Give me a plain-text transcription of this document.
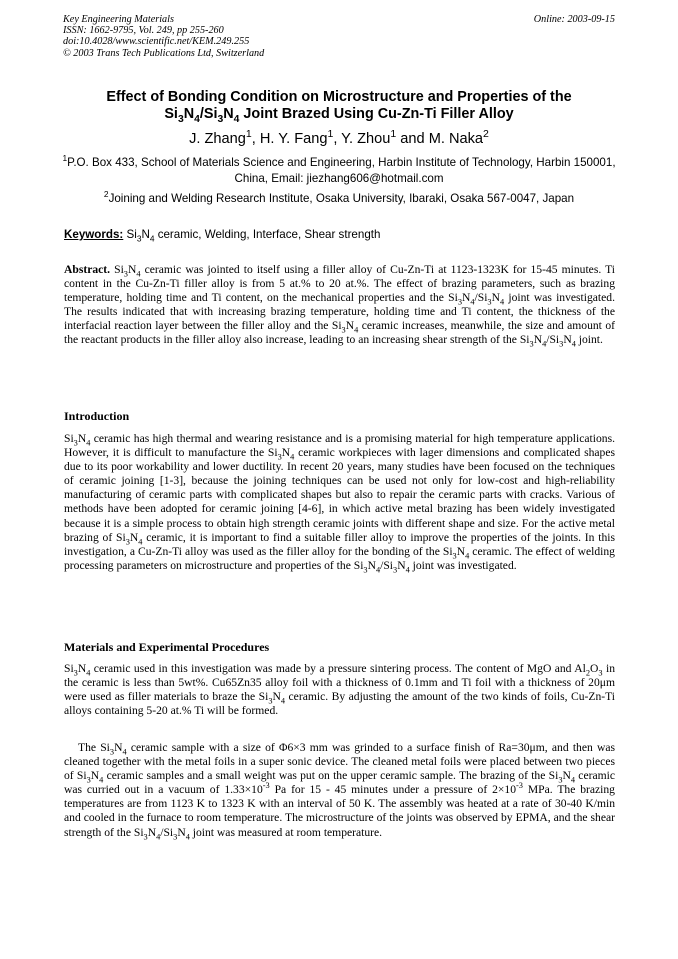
Key Engineering Materials
ISSN: 1662-9795, Vol. 249, pp 255-260
doi:10.4028/www.scientific.net/KEM.249.255
© 2003 Trans Tech Publications Ltd, Switzerland
Online: 2003-09-15
Effect of Bonding Condition on Microstructure and Properties of the
$Si_3N_4/Si_3N_4$ Joint Brazed Using Cu-Zn-Ti Filler Alloy
J. Zhang$^1$, H. Y. Fang$^1$, Y. Zhou$^1$ and M. Naka$^2$
$^1$P.O. Box 433, School of Materials Science and Engineering, Harbin Institute of Technology, Harbin 150001, China, Email: jiezhang606@hotmail.com
$^2$Joining and Welding Research Institute, Osaka University, Ibaraki, Osaka 567-0047, Japan
Keywords: $Si_3N_4$ ceramic, Welding, Interface, Shear strength
Abstract. $Si_3N_4$ ceramic was jointed to itself using a filler alloy of Cu-Zn-Ti at 1123-1323K for 15-45 minutes. Ti content in the Cu-Zn-Ti filler alloy is from 5 at.% to 20 at.%. The effect of brazing parameters, such as brazing temperature, holding time and Ti content, on the mechanical properties and the $Si_3N_4/Si_3N_4$ joint was investigated. The results indicated that with increasing brazing temperature, holding time and Ti content, the thickness of the interfacial reaction layer between the filler alloy and the $Si_3N_4$ ceramic increases, meanwhile, the size and amount of the reactant products in the filler alloy also increase, leading to an increasing shear strength of the $Si_3N_4/Si_3N_4$ joint.
Introduction
$Si_3N_4$ ceramic has high thermal and wearing resistance and is a promising material for high temperature applications. However, it is difficult to manufacture the $Si_3N_4$ ceramic workpieces with lager dimensions and complicated shapes due to its poor workability and lower ductility. In recent 20 years, many studies have been focused on the techniques of ceramic joining [1-3], because the joining techniques can be used not only for low-cost and high-reliability manufacturing of ceramic parts with complicated shapes but also to repair the ceramic parts with cracks. Various of methods have been adopted for ceramic joining [4-6], in which active metal brazing has been widely investigated because it is a simple process to obtain high strength ceramic joints with different shape and size. For the active metal brazing of $Si_3N_4$ ceramic, it is important to find a suitable filler alloy to improve the properties of the joints. In this investigation, a Cu-Zn-Ti alloy was used as the filler alloy for the bonding of the $Si_3N_4$ ceramic. The effect of welding processing parameters on microstructure and properties of the $Si_3N_4/Si_3N_4$ joint was investigated.
Materials and Experimental Procedures
$Si_3N_4$ ceramic used in this investigation was made by a pressure sintering process. The content of MgO and $Al_2O_3$ in the ceramic is less than 5wt%. Cu65Zn35 alloy foil with a thickness of 0.1mm and Ti foil with a thickness of 20μm were used as filler materials to braze the $Si_3N_4$ ceramic. By adjusting the amount of the two kinds of foils, Cu-Zn-Ti alloys containing 5-20 at.% Ti will be formed.
The $Si_3N_4$ ceramic sample with a size of Φ6×3 mm was grinded to a surface finish of Ra=30μm, and then was cleaned together with the metal foils in a super sonic device. The cleaned metal foils were placed between two pieces of $Si_3N_4$ ceramic samples and a small weight was put on the upper ceramic sample. The brazing of the $Si_3N_4$ ceramic was curried out in a vacuum of $1.33\times 10^{-3}$ Pa for 15 - 45 minutes under a pressure of $2\times 10^{-3}$ MPa. The brazing temperatures are from 1123 K to 1323 K with an interval of 50 K. The assembly was heated at a rate of 30-40 K/min and cooled in the furnace to room temperature. The microstructure of the joints was observed by EPMA, and the shear strength of the $Si_3N_4/Si_3N_4$ joint was measured at room temperature.
